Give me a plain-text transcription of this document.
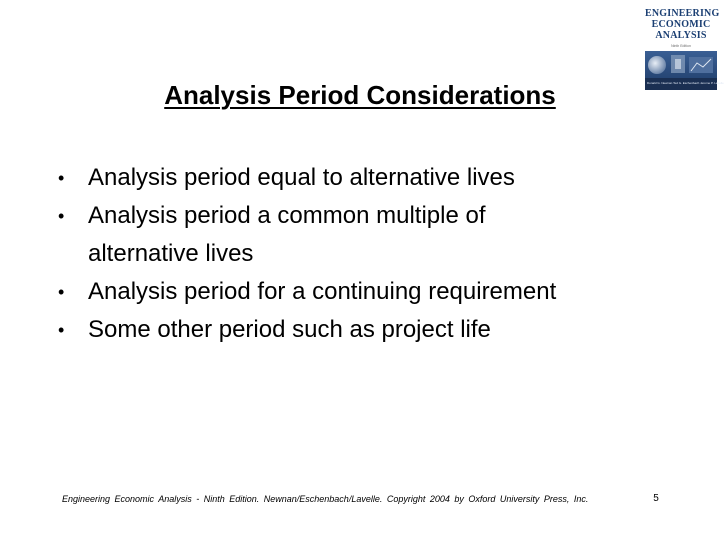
ENGINEERING
ECONOMIC
ANALYSIS
Ninth Edition
Donald G. Newnan Ted G. Eschenbach Jerome P. Lavelle
Analysis Period Considerations
• Analysis period equal to alternative lives
• Analysis period a common multiple of
alternative lives
• Analysis period for a continuing requirement
• Some other period such as project life
Engineering Economic Analysis - Ninth Edition. Newnan/Eschenbach/Lavelle. Copyright 2004 by Oxford University Press, Inc.	5
